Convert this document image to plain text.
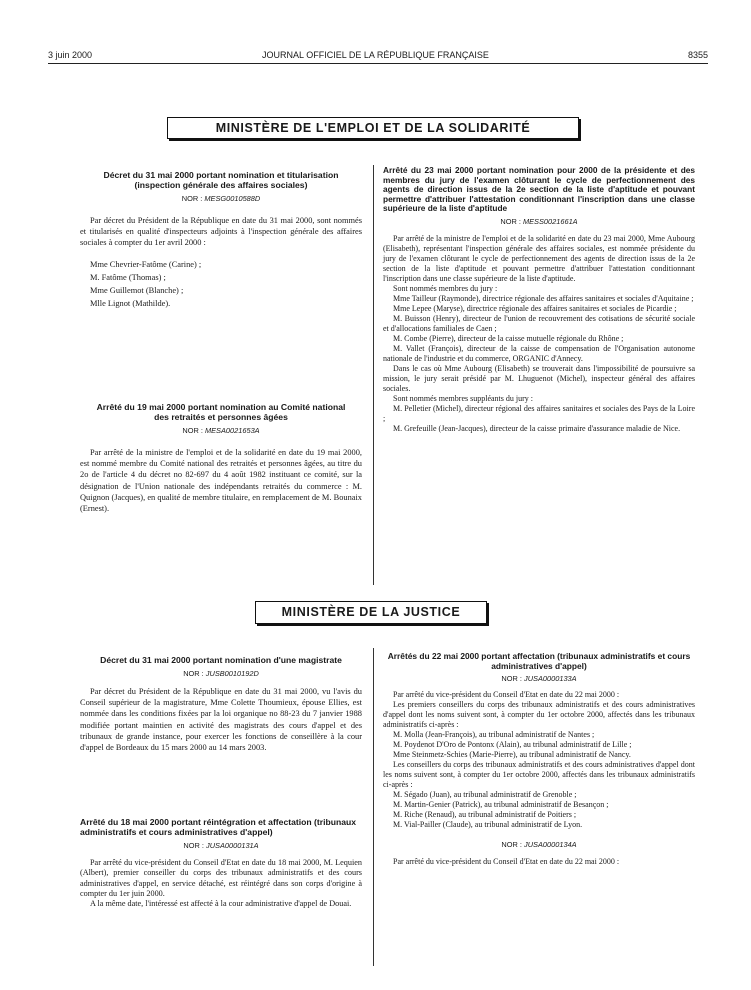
3 juin 2000	JOURNAL OFFICIEL DE LA RÉPUBLIQUE FRANÇAISE	8355
MINISTÈRE DE L'EMPLOI ET DE LA SOLIDARITÉ

Décret du 31 mai 2000 portant nomination et titularisation (inspection générale des affaires sociales)

NOR : MESG0010588D

Par décret du Président de la République en date du 31 mai 2000, sont nommés et titularisés en qualité d'inspecteurs adjoints à l'inspection générale des affaires sociales à compter du 1er avril 2000 :

Mme Chevrier-Fatôme (Carine) ;

M. Fatôme (Thomas) ;

Mme Guillemot (Blanche) ;

Mlle Lignot (Mathilde).

Arrêté du 19 mai 2000 portant nomination au Comité national des retraités et personnes âgées

NOR : MESA0021653A

Par arrêté de la ministre de l'emploi et de la solidarité en date du 19 mai 2000, est nommé membre du Comité national des retraités et personnes âgées, au titre du 2o de l'article 4 du décret no 82-697 du 4 août 1982 instituant ce comité, sur la désignation de l'Union nationale des indépendants retraités du commerce : M. Quignon (Jacques), en qualité de membre titulaire, en remplacement de M. Bounaix (Ernest).

Arrêté du 23 mai 2000 portant nomination pour 2000 de la présidente et des membres du jury de l'examen clôturant le cycle de perfectionnement des agents de direction issus de la 2e section de la liste d'aptitude et pouvant permettre d'attribuer l'attestation conditionnant l'inscription dans une classe supérieure de la liste d'aptitude

NOR : MESS0021661A

Par arrêté de la ministre de l'emploi et de la solidarité en date du 23 mai 2000, Mme Aubourg (Elisabeth), représentant l'inspection générale des affaires sociales, est nommée présidente du jury de l'examen clôturant le cycle de perfectionnement des agents de direction issus de la 2e section de la liste d'aptitude et pouvant permettre d'attribuer l'attestation conditionnant l'inscription dans une classe supérieure de la liste d'aptitude.

Sont nommés membres du jury :

Mme Tailleur (Raymonde), directrice régionale des affaires sanitaires et sociales d'Aquitaine ;

Mme Lepee (Maryse), directrice régionale des affaires sanitaires et sociales de Picardie ;

M. Buisson (Henry), directeur de l'union de recouvrement des cotisations de sécurité sociale et d'allocations familiales de Caen ;

M. Combe (Pierre), directeur de la caisse mutuelle régionale du Rhône ;

M. Vallet (François), directeur de la caisse de compensation de l'Organisation autonome nationale de l'industrie et du commerce, ORGANIC d'Annecy.

Dans le cas où Mme Aubourg (Elisabeth) se trouverait dans l'impossibilité de poursuivre sa mission, le jury serait présidé par M. Lhuguenot (Michel), inspecteur général des affaires sociales.

Sont nommés membres suppléants du jury :

M. Pelletier (Michel), directeur régional des affaires sanitaires et sociales des Pays de la Loire ;

M. Grefeuille (Jean-Jacques), directeur de la caisse primaire d'assurance maladie de Nice.

MINISTÈRE DE LA JUSTICE

Décret du 31 mai 2000 portant nomination d'une magistrate

NOR : JUSB0010192D

Par décret du Président de la République en date du 31 mai 2000, vu l'avis du Conseil supérieur de la magistrature, Mme Colette Thoumieux, épouse Ellies, est nommée dans les conditions fixées par la loi organique no 88-23 du 7 janvier 1988 modifiée portant maintien en activité des magistrats des cours d'appel et des tribunaux de grande instance, pour exercer les fonctions de conseillère à la cour d'appel de Bordeaux du 15 mars 2000 au 14 mars 2003.

Arrêté du 18 mai 2000 portant réintégration et affectation (tribunaux administratifs et cours administratives d'appel)

NOR : JUSA0000131A

Par arrêté du vice-président du Conseil d'Etat en date du 18 mai 2000, M. Lequien (Albert), premier conseiller du corps des tribunaux administratifs et des cours administratives d'appel, en service détaché, est réintégré dans son corps d'origine à compter du 1er juin 2000.

A la même date, l'intéressé est affecté à la cour administrative d'appel de Douai.

Arrêtés du 22 mai 2000 portant affectation (tribunaux administratifs et cours administratives d'appel)

NOR : JUSA0000133A

Par arrêté du vice-président du Conseil d'Etat en date du 22 mai 2000 :

Les premiers conseillers du corps des tribunaux administratifs et des cours administratives d'appel dont les noms suivent sont, à compter du 1er octobre 2000, affectés dans les tribunaux administratifs ci-après :

M. Molla (Jean-François), au tribunal administratif de Nantes ;

M. Poydenot D'Oro de Pontonx (Alain), au tribunal administratif de Lille ;

Mme Steinmetz-Schies (Marie-Pierre), au tribunal administratif de Nancy.

Les conseillers du corps des tribunaux administratifs et des cours administratives d'appel dont les noms suivent sont, à compter du 1er octobre 2000, affectés dans les tribunaux administratifs ci-après :

M. Ségado (Juan), au tribunal administratif de Grenoble ;

M. Martin-Genier (Patrick), au tribunal administratif de Besançon ;

M. Riche (Renaud), au tribunal administratif de Poitiers ;

M. Vial-Pailler (Claude), au tribunal administratif de Lyon.

NOR : JUSA0000134A

Par arrêté du vice-président du Conseil d'Etat en date du 22 mai 2000 :
